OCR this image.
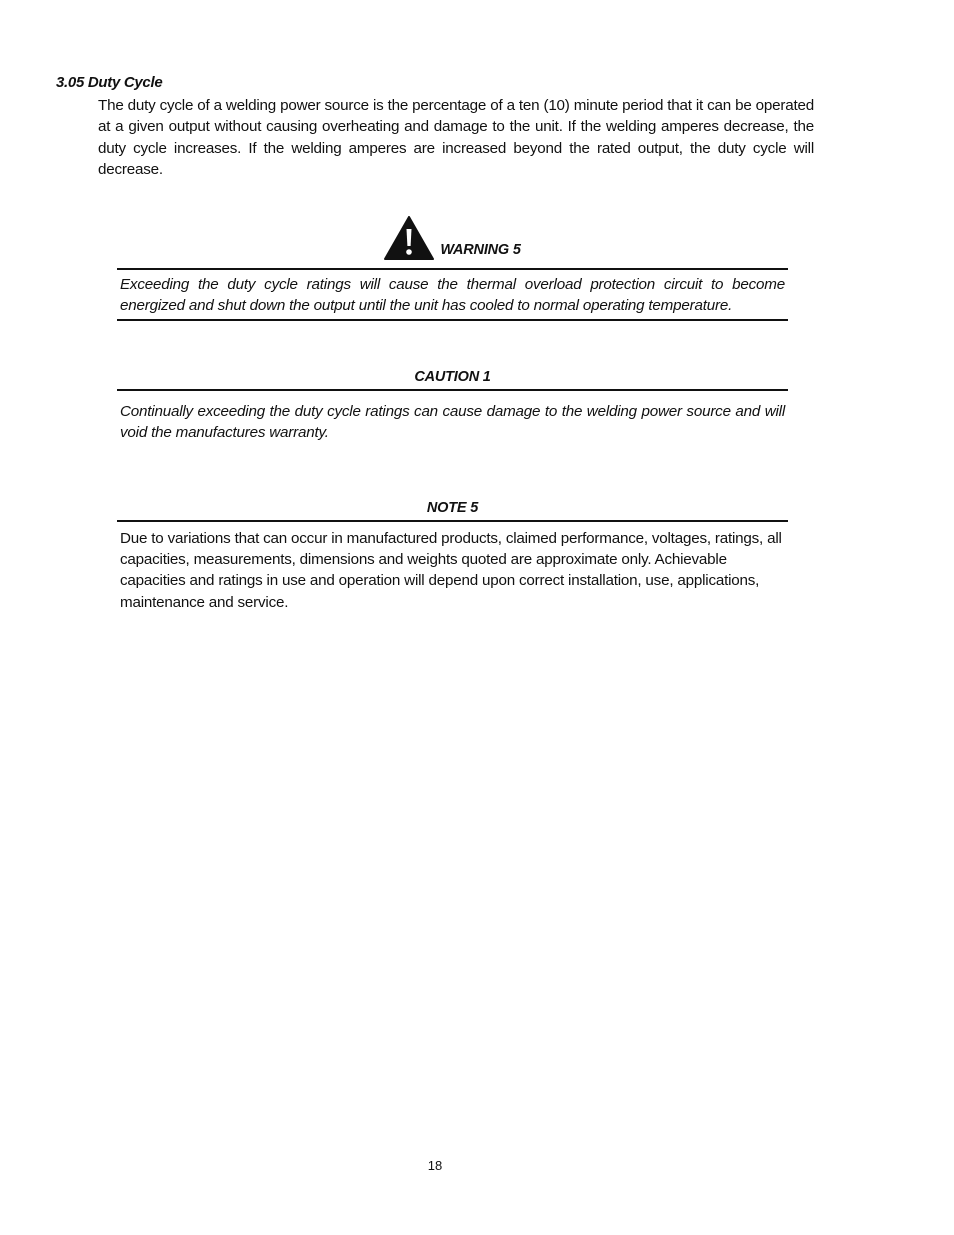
3.05 Duty Cycle

The duty cycle of a welding power source is the percentage of a ten (10) minute period that it can be operated at a given output without causing overheating and damage to the unit. If the welding amperes decrease, the duty cycle increases. If the welding amperes are increased beyond the rated output, the duty cycle will decrease.

WARNING 5

Exceeding the duty cycle ratings will cause the thermal overload protection circuit to become energized and shut down the output until the unit has cooled to normal operating temperature.

CAUTION 1

Continually exceeding the duty cycle ratings can cause damage to the welding power source and will void the manufactures warranty.

NOTE 5

Due to variations that can occur in manufactured products, claimed performance, voltages, ratings, all capacities, measurements, dimensions and weights quoted are approximate only. Achievable capacities and ratings in use and operation will depend upon correct installation, use, applications, maintenance and service.

18
